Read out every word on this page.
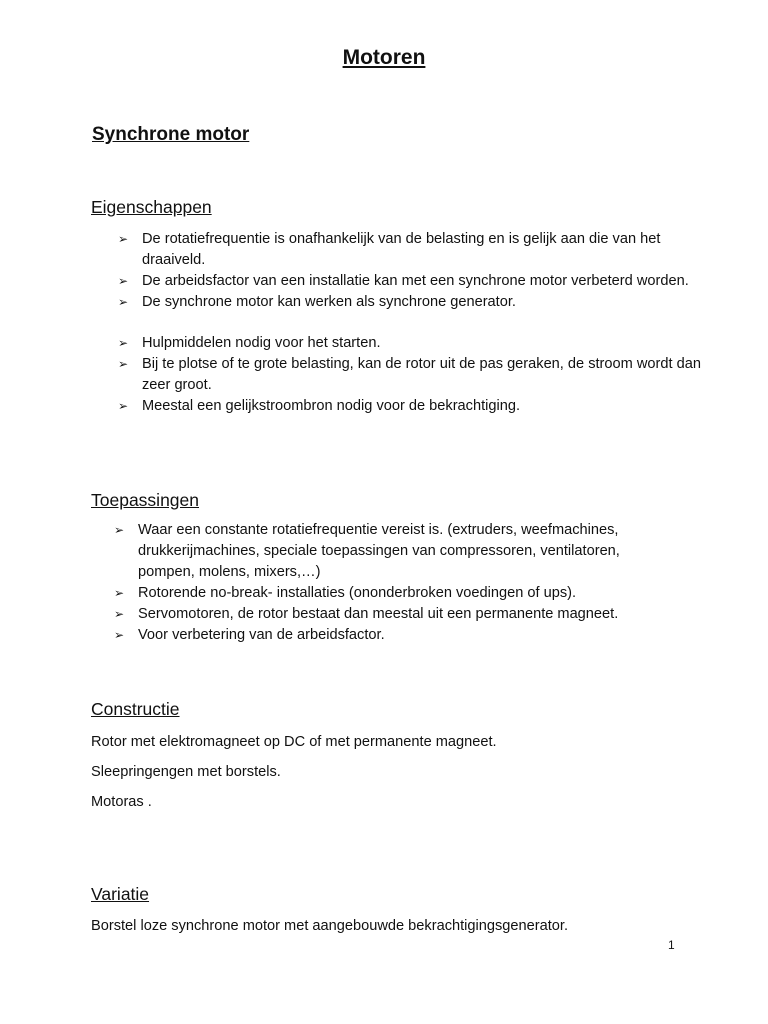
Motoren
Synchrone motor
Eigenschappen
➢ De rotatiefrequentie is onafhankelijk van de belasting en is gelijk aan die van het draaiveld.
➢ De arbeidsfactor van een installatie kan met een synchrone motor verbeterd worden.
➢ De synchrone motor kan werken als synchrone generator.
➢ Hulpmiddelen nodig voor het starten.
➢ Bij te plotse of te grote belasting, kan de rotor uit de pas geraken, de stroom wordt dan zeer groot.
➢ Meestal een gelijkstroombron nodig voor de bekrachtiging.
Toepassingen
➢ Waar een constante rotatiefrequentie vereist is. (extruders, weefmachines, drukkerijmachines, speciale toepassingen van compressoren, ventilatoren, pompen, molens, mixers,…)
➢ Rotorende no-break- installaties (ononderbroken voedingen of ups).
➢ Servomotoren, de rotor bestaat dan meestal uit een permanente magneet.
➢ Voor verbetering van de arbeidsfactor.
Constructie

Rotor met elektromagneet op DC of met permanente magneet.

Sleepringengen met borstels.

Motoras .

Variatie

Borstel loze synchrone motor met aangebouwde bekrachtigingsgenerator.

1
